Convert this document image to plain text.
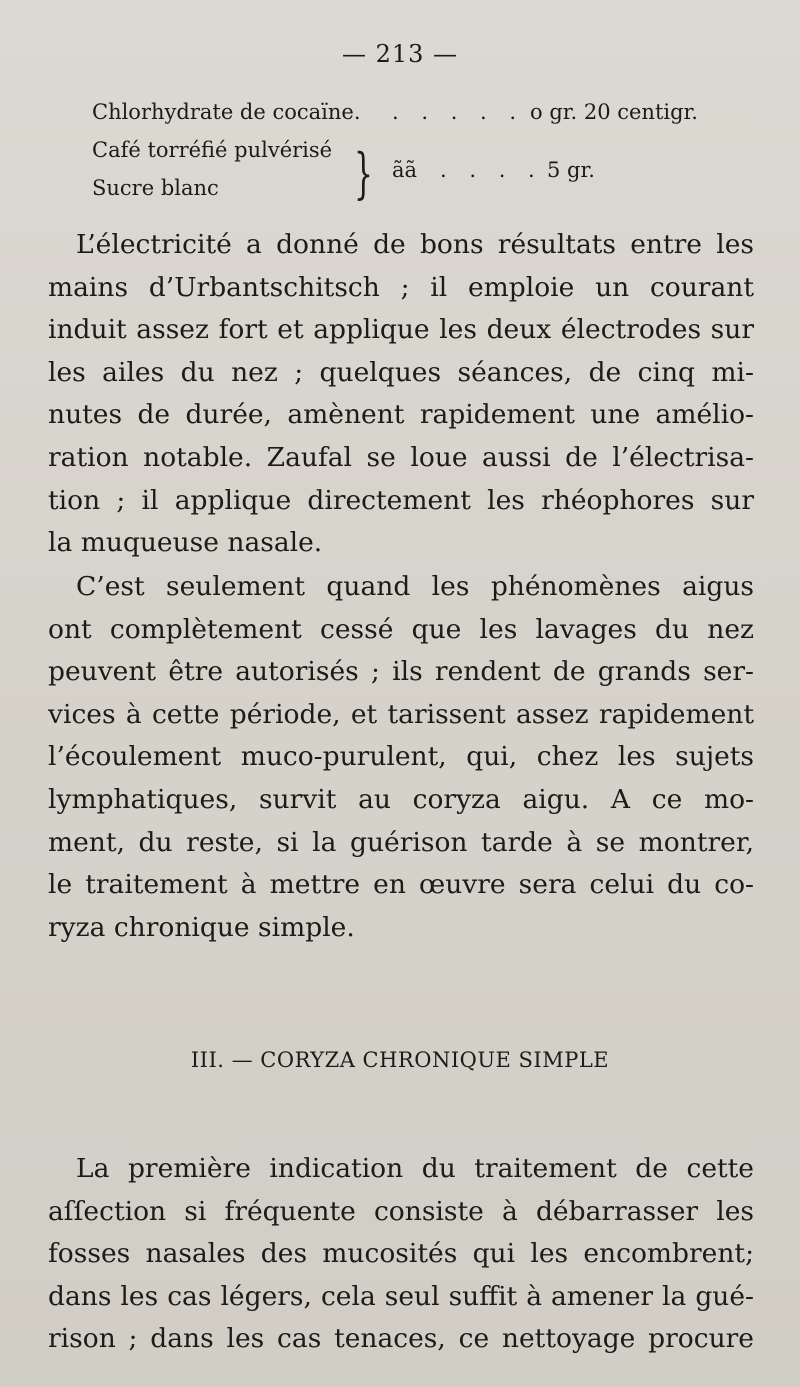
— 213 —
Chlorhydrate de cocaïne. . . . . . o gr. 20 centigr.
Café torréfié pulvérisé
Sucre blanc	} ãã . . . . 5 gr.
L’électricité a donné de bons résultats entre les
mains d’Urbantschitsch ; il emploie un courant
induit assez fort et applique les deux électrodes sur
les ailes du nez ; quelques séances, de cinq mi-
nutes de durée, amènent rapidement une amélio-
ration notable. Zaufal se loue aussi de l’électrisa-
tion ; il applique directement les rhéophores sur
la muqueuse nasale.
C’est seulement quand les phénomènes aigus
ont complètement cessé que les lavages du nez
peuvent être autorisés ; ils rendent de grands ser-
vices à cette période, et tarissent assez rapidement
l’écoulement muco-purulent, qui, chez les sujets
lymphatiques, survit au coryza aigu. A ce mo-
ment, du reste, si la guérison tarde à se montrer,
le traitement à mettre en œuvre sera celui du co-
ryza chronique simple.
III. — CORYZA CHRONIQUE SIMPLE
La première indication du traitement de cette
aſſection si fréquente consiste à débarrasser les
fosses nasales des mucosités qui les encombrent;
dans les cas légers, cela seul suffit à amener la gué-
rison ; dans les cas tenaces, ce nettoyage procure
